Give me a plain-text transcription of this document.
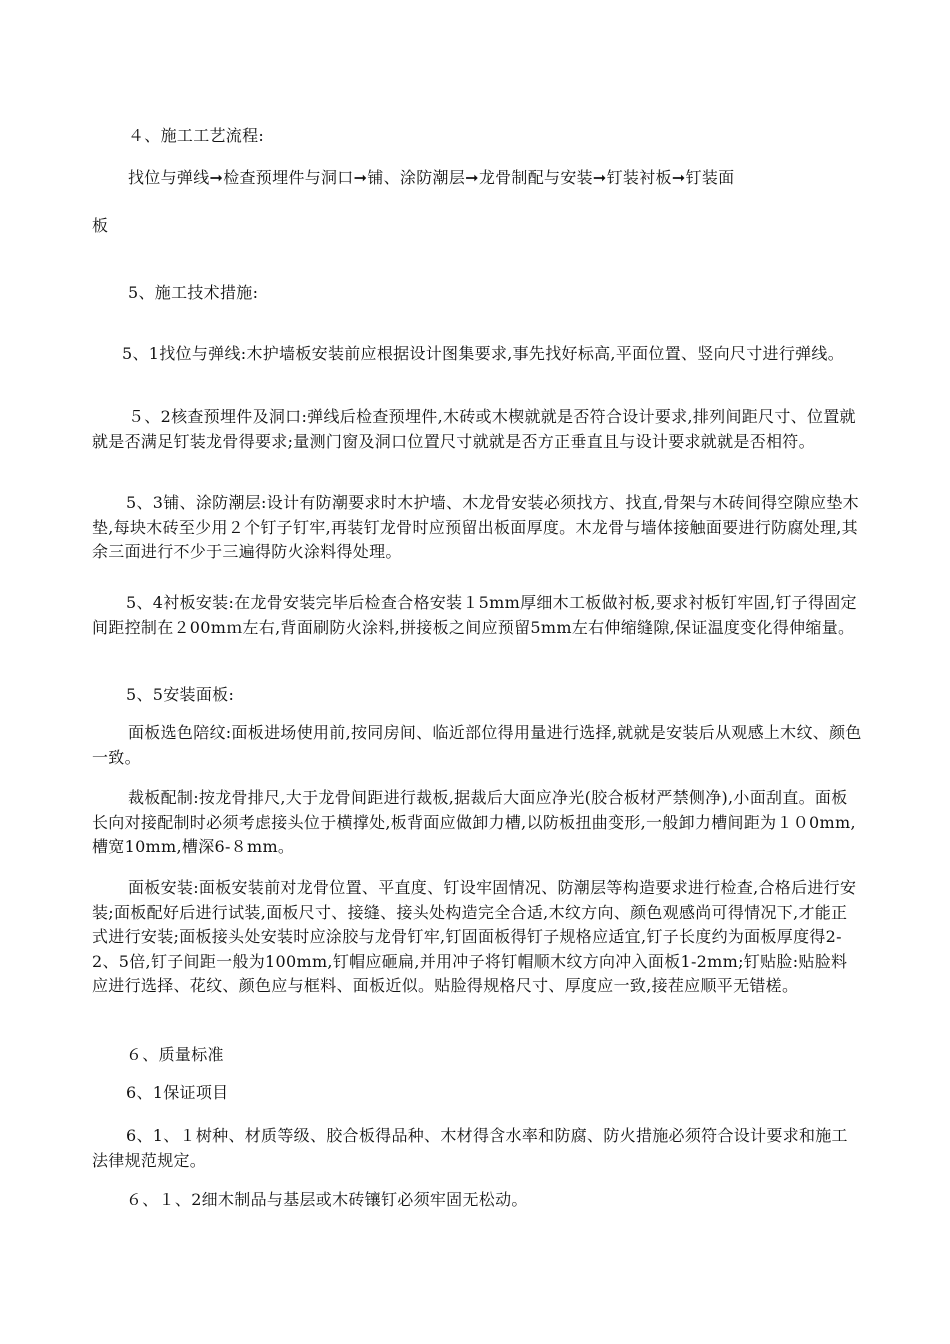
４、施工工艺流程:
找位与弹线➞检查预埋件与洞口➞铺、涂防潮层➞龙骨制配与安装➞钉装衬板➞钉装面
板
5、施工技术措施:
5、1找位与弹线:木护墙板安装前应根据设计图集要求,事先找好标高,平面位置、竖向尺寸进行弹线。
５、2核查预埋件及洞口:弹线后检查预埋件,木砖或木楔就就是否符合设计要求,排列间距尺寸、位置就就是否满足钉装龙骨得要求;量测门窗及洞口位置尺寸就就是否方正垂直且与设计要求就就是否相符。
5、3铺、涂防潮层:设计有防潮要求时木护墙、木龙骨安装必须找方、找直,骨架与木砖间得空隙应垫木垫,每块木砖至少用２个钉子钉牢,再装钉龙骨时应预留出板面厚度。木龙骨与墙体接触面要进行防腐处理,其余三面进行不少于三遍得防火涂料得处理。
5、4衬板安装:在龙骨安装完毕后检查合格安装１5mm厚细木工板做衬板,要求衬板钉牢固,钉子得固定间距控制在２00mｍ左右,背面刷防火涂料,拼接板之间应预留5mm左右伸缩缝隙,保证温度变化得伸缩量。
5、5安装面板:
面板选色陪纹:面板进场使用前,按同房间、临近部位得用量进行选择,就就是安装后从观感上木纹、颜色一致。
裁板配制:按龙骨排尺,大于龙骨间距进行裁板,据裁后大面应净光(胶合板材严禁侧净),小面刮直。面板长向对接配制时必须考虑接头位于横撑处,板背面应做卸力槽,以防板扭曲变形,一般卸力槽间距为１０0mm,槽宽10mm,槽深6-８mm。
面板安装:面板安装前对龙骨位置、平直度、钉设牢固情况、防潮层等构造要求进行检查,合格后进行安装;面板配好后进行试装,面板尺寸、接缝、接头处构造完全合适,木纹方向、颜色观感尚可得情况下,才能正式进行安装;面板接头处安装时应涂胶与龙骨钉牢,钉固面板得钉子规格应适宜,钉子长度约为面板厚度得2-2、5倍,钉子间距一般为100mm,钉帽应砸扁,并用冲子将钉帽顺木纹方向冲入面板1-2mm;钉贴脸:贴脸料应进行选择、花纹、颜色应与框料、面板近似。贴脸得规格尺寸、厚度应一致,接茬应顺平无错槎。
６、质量标准
6、1保证项目
6、1、１树种、材质等级、胶合板得品种、木材得含水率和防腐、防火措施必须符合设计要求和施工法律规范规定。
６、１、2细木制品与基层或木砖镶钉必须牢固无松动。
